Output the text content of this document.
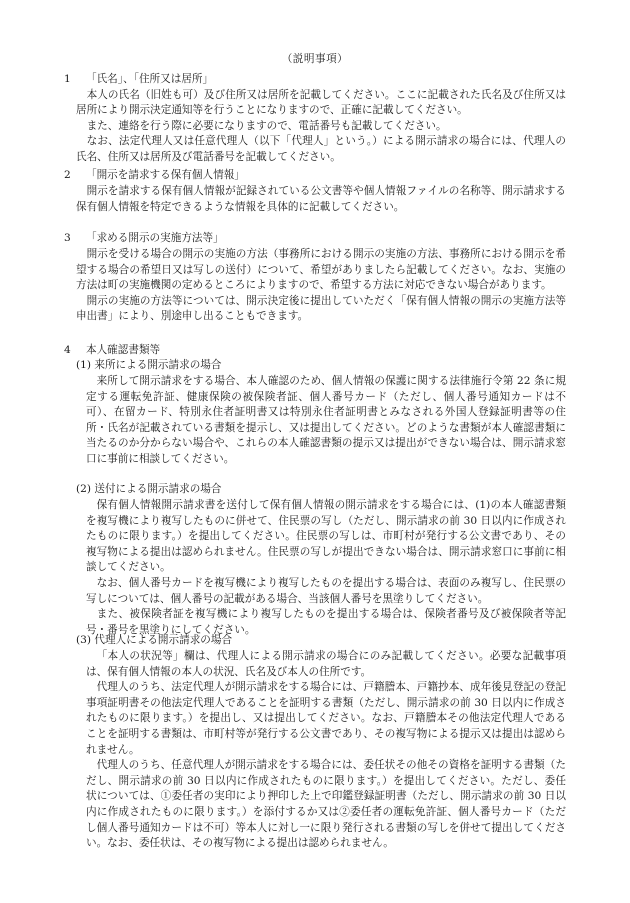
（説明事項）
1 「氏名」、「住所又は居所」

本人の氏名（旧姓も可）及び住所又は居所を記載してください。ここに記載された氏名及び住所又は居所により開示決定通知等を行うことになりますので、正確に記載してください。

また、連絡を行う際に必要になりますので、電話番号も記載してください。

なお、法定代理人又は任意代理人（以下「代理人」という。）による開示請求の場合には、代理人の氏名、住所又は居所及び電話番号を記載してください。

2 「開示を請求する保有個人情報」

開示を請求する保有個人情報が記録されている公文書等や個人情報ファイルの名称等、開示請求する保有個人情報を特定できるような情報を具体的に記載してください。

3 「求める開示の実施方法等」

開示を受ける場合の開示の実施の方法（事務所における開示の実施の方法、事務所における開示を希望する場合の希望日又は写しの送付）について、希望がありましたら記載してください。なお、実施の方法は町の実施機関の定めるところによりますので、希望する方法に対応できない場合があります。

開示の実施の方法等については、開示決定後に提出していただく「保有個人情報の開示の実施方法等申出書」により、別途申し出ることもできます。

4 本人確認書類等
(1) 来所による開示請求の場合

来所して開示請求をする場合、本人確認のため、個人情報の保護に関する法律施行令第 22 条に規定する運転免許証、健康保険の被保険者証、個人番号カード（ただし、個人番号通知カードは不可）、在留カード、特別永住者証明書又は特別永住者証明書とみなされる外国人登録証明書等の住所・氏名が記載されている書類を提示し、又は提出してください。どのような書類が本人確認書類に当たるのか分からない場合や、これらの本人確認書類の提示又は提出ができない場合は、開示請求窓口に事前に相談してください。

(2) 送付による開示請求の場合

保有個人情報開示請求書を送付して保有個人情報の開示請求をする場合には、(1)の本人確認書類を複写機により複写したものに併せて、住民票の写し（ただし、開示請求の前 30 日以内に作成されたものに限ります。）を提出してください。住民票の写しは、市町村が発行する公文書であり、その複写物による提出は認められません。住民票の写しが提出できない場合は、開示請求窓口に事前に相談してください。

なお、個人番号カードを複写機により複写したものを提出する場合は、表面のみ複写し、住民票の写しについては、個人番号の記載がある場合、当該個人番号を黒塗りしてください。

また、被保険者証を複写機により複写したものを提出する場合は、保険者番号及び被保険者等記号・番号を黒塗りにしてください。

(3) 代理人による開示請求の場合

「本人の状況等」欄は、代理人による開示請求の場合にのみ記載してください。必要な記載事項は、保有個人情報の本人の状況、氏名及び本人の住所です。

代理人のうち、法定代理人が開示請求をする場合には、戸籍謄本、戸籍抄本、成年後見登記の登記事項証明書その他法定代理人であることを証明する書類（ただし、開示請求の前 30 日以内に作成されたものに限ります。）を提出し、又は提出してください。なお、戸籍謄本その他法定代理人であることを証明する書類は、市町村等が発行する公文書であり、その複写物による提示又は提出は認められません。

代理人のうち、任意代理人が開示請求をする場合には、委任状その他その資格を証明する書類（ただし、開示請求の前 30 日以内に作成されたものに限ります。）を提出してください。ただし、委任状については、①委任者の実印により押印した上で印鑑登録証明書（ただし、開示請求の前 30 日以内に作成されたものに限ります。）を添付するか又は②委任者の運転免許証、個人番号カード（ただし個人番号通知カードは不可）等本人に対し一に限り発行される書類の写しを併せて提出してください。なお、委任状は、その複写物による提出は認められません。
